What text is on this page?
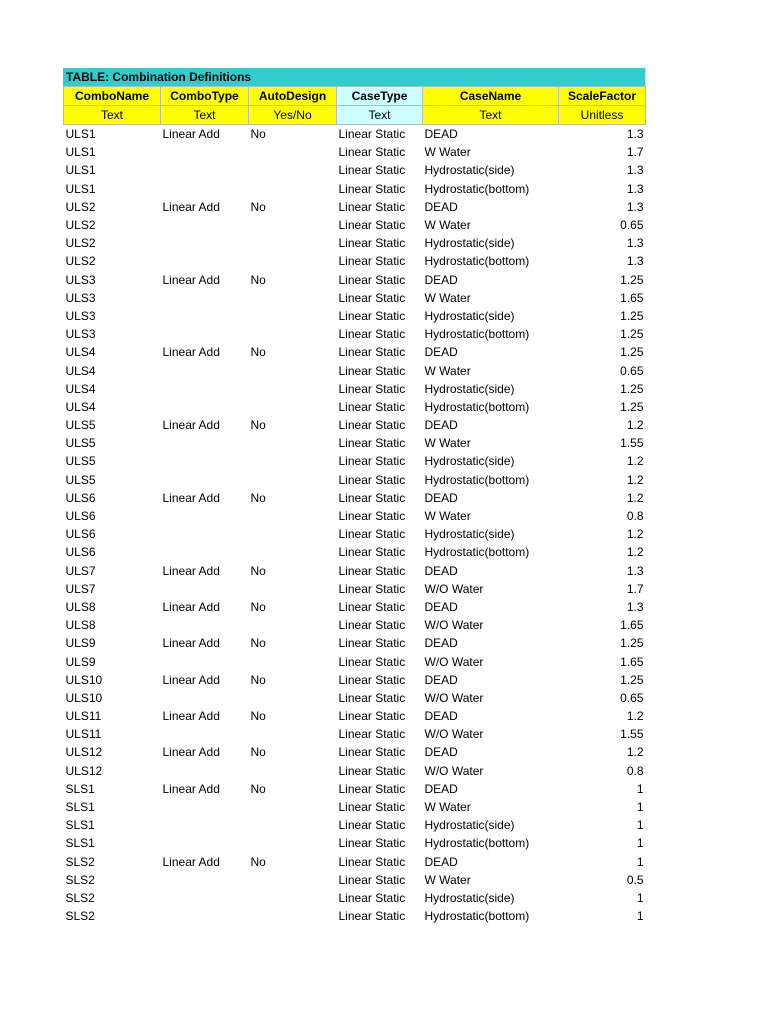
TABLE: Combination Definitions
ComboName	ComboType	AutoDesign	CaseType	CaseName	ScaleFactor
Text	Text	Yes/No	Text	Text	Unitless
ULS1	Linear Add	No	Linear Static	DEAD	1.3
ULS1			Linear Static	W Water	1.7
ULS1			Linear Static	Hydrostatic(side)	1.3
ULS1			Linear Static	Hydrostatic(bottom)	1.3
ULS2	Linear Add	No	Linear Static	DEAD	1.3
ULS2			Linear Static	W Water	0.65
ULS2			Linear Static	Hydrostatic(side)	1.3
ULS2			Linear Static	Hydrostatic(bottom)	1.3
ULS3	Linear Add	No	Linear Static	DEAD	1.25
ULS3			Linear Static	W Water	1.65
ULS3			Linear Static	Hydrostatic(side)	1.25
ULS3			Linear Static	Hydrostatic(bottom)	1.25
ULS4	Linear Add	No	Linear Static	DEAD	1.25
ULS4			Linear Static	W Water	0.65
ULS4			Linear Static	Hydrostatic(side)	1.25
ULS4			Linear Static	Hydrostatic(bottom)	1.25
ULS5	Linear Add	No	Linear Static	DEAD	1.2
ULS5			Linear Static	W Water	1.55
ULS5			Linear Static	Hydrostatic(side)	1.2
ULS5			Linear Static	Hydrostatic(bottom)	1.2
ULS6	Linear Add	No	Linear Static	DEAD	1.2
ULS6			Linear Static	W Water	0.8
ULS6			Linear Static	Hydrostatic(side)	1.2
ULS6			Linear Static	Hydrostatic(bottom)	1.2
ULS7	Linear Add	No	Linear Static	DEAD	1.3
ULS7			Linear Static	W/O Water	1.7
ULS8	Linear Add	No	Linear Static	DEAD	1.3
ULS8			Linear Static	W/O Water	1.65
ULS9	Linear Add	No	Linear Static	DEAD	1.25
ULS9			Linear Static	W/O Water	1.65
ULS10	Linear Add	No	Linear Static	DEAD	1.25
ULS10			Linear Static	W/O Water	0.65
ULS11	Linear Add	No	Linear Static	DEAD	1.2
ULS11			Linear Static	W/O Water	1.55
ULS12	Linear Add	No	Linear Static	DEAD	1.2
ULS12			Linear Static	W/O Water	0.8
SLS1	Linear Add	No	Linear Static	DEAD	1
SLS1			Linear Static	W Water	1
SLS1			Linear Static	Hydrostatic(side)	1
SLS1			Linear Static	Hydrostatic(bottom)	1
SLS2	Linear Add	No	Linear Static	DEAD	1
SLS2			Linear Static	W Water	0.5
SLS2			Linear Static	Hydrostatic(side)	1
SLS2			Linear Static	Hydrostatic(bottom)	1
